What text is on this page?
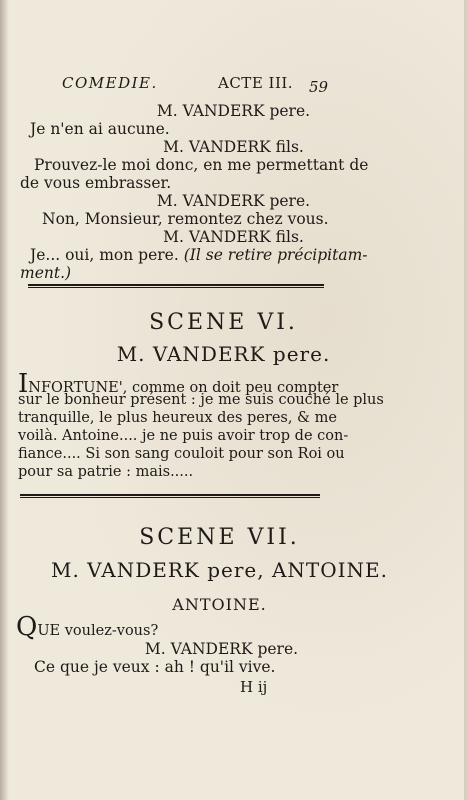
COMEDIE.	ACTE III. 59
M. VANDERK pere.
Je n'en ai aucune.
M. VANDERK fils.
Prouvez-le moi donc, en me permettant de
de vous embrasser.
M. VANDERK pere.
Non, Monsieur, remontez chez vous.
M. VANDERK fils.
Je... oui, mon pere. (Il se retire précipitam-
ment.)
SCENE VI.
M. VANDERK pere.
INFORTUNE', comme on doit peu compter
sur le bonheur présent : je me suis couché le plus
tranquille, le plus heureux des peres, & me
voilà. Antoine.... je ne puis avoir trop de con-
fiance.... Si son sang couloit pour son Roi ou
pour sa patrie : mais.....
SCENE VII.
M. VANDERK pere, ANTOINE.
ANTOINE.
QUE voulez-vous?
M. VANDERK pere.
Ce que je veux : ah ! qu'il vive.
H ij
